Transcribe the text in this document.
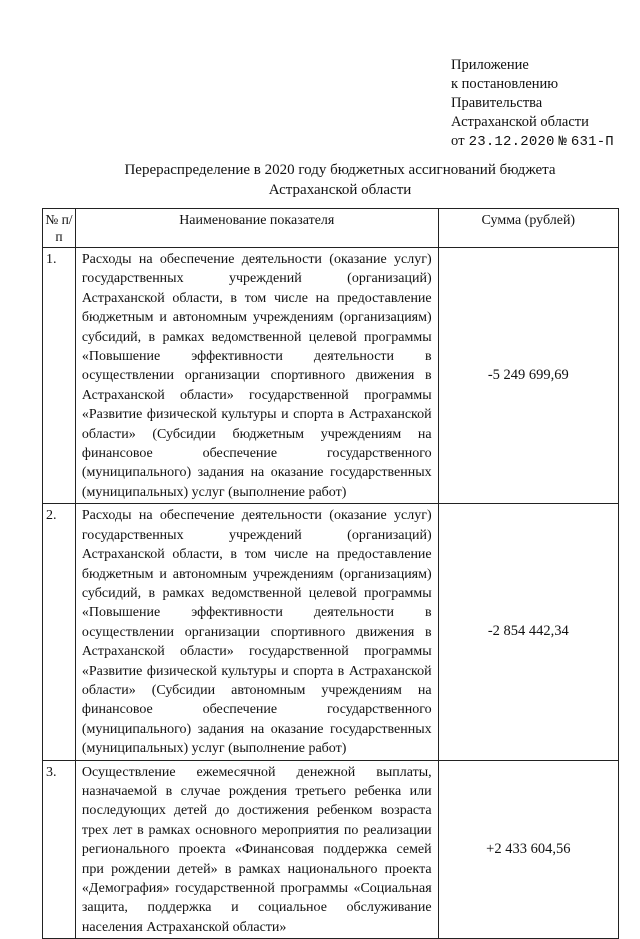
Приложение
к постановлению
Правительства
Астраханской области
от 23.12.2020 № 631-П
Перераспределение в 2020 году бюджетных ассигнований бюджета
Астраханской области
№ п/п	Наименование показателя	Сумма (рублей)
1.	Расходы на обеспечение деятельности (оказание услуг) государственных учреждений (организаций) Астраханской области, в том числе на предоставление бюджетным и автономным учреждениям (организациям) субсидий, в рамках ведомственной целевой программы «Повышение эффективности деятельности в осуществлении организации спортивного движения в Астраханской области» государственной программы «Развитие физической культуры и спорта в Астраханской области» (Субсидии бюджетным учреждениям на финансовое обеспечение государственного (муниципального) задания на оказание государственных (муниципальных) услуг (выполнение работ)	-5 249 699,69
2.	Расходы на обеспечение деятельности (оказание услуг) государственных учреждений (организаций) Астраханской области, в том числе на предоставление бюджетным и автономным учреждениям (организациям) субсидий, в рамках ведомственной целевой программы «Повышение эффективности деятельности в осуществлении организации спортивного движения в Астраханской области» государственной программы «Развитие физической культуры и спорта в Астраханской области» (Субсидии автономным учреждениям на финансовое обеспечение государственного (муниципального) задания на оказание государственных (муниципальных) услуг (выполнение работ)	-2 854 442,34
3.	Осуществление ежемесячной денежной выплаты, назначаемой в случае рождения третьего ребенка или последующих детей до достижения ребенком возраста трех лет в рамках основного мероприятия по реализации регионального проекта «Финансовая поддержка семей при рождении детей» в рамках национального проекта «Демография» государственной программы «Социальная защита, поддержка и социальное обслуживание населения Астраханской области»	+2 433 604,56
